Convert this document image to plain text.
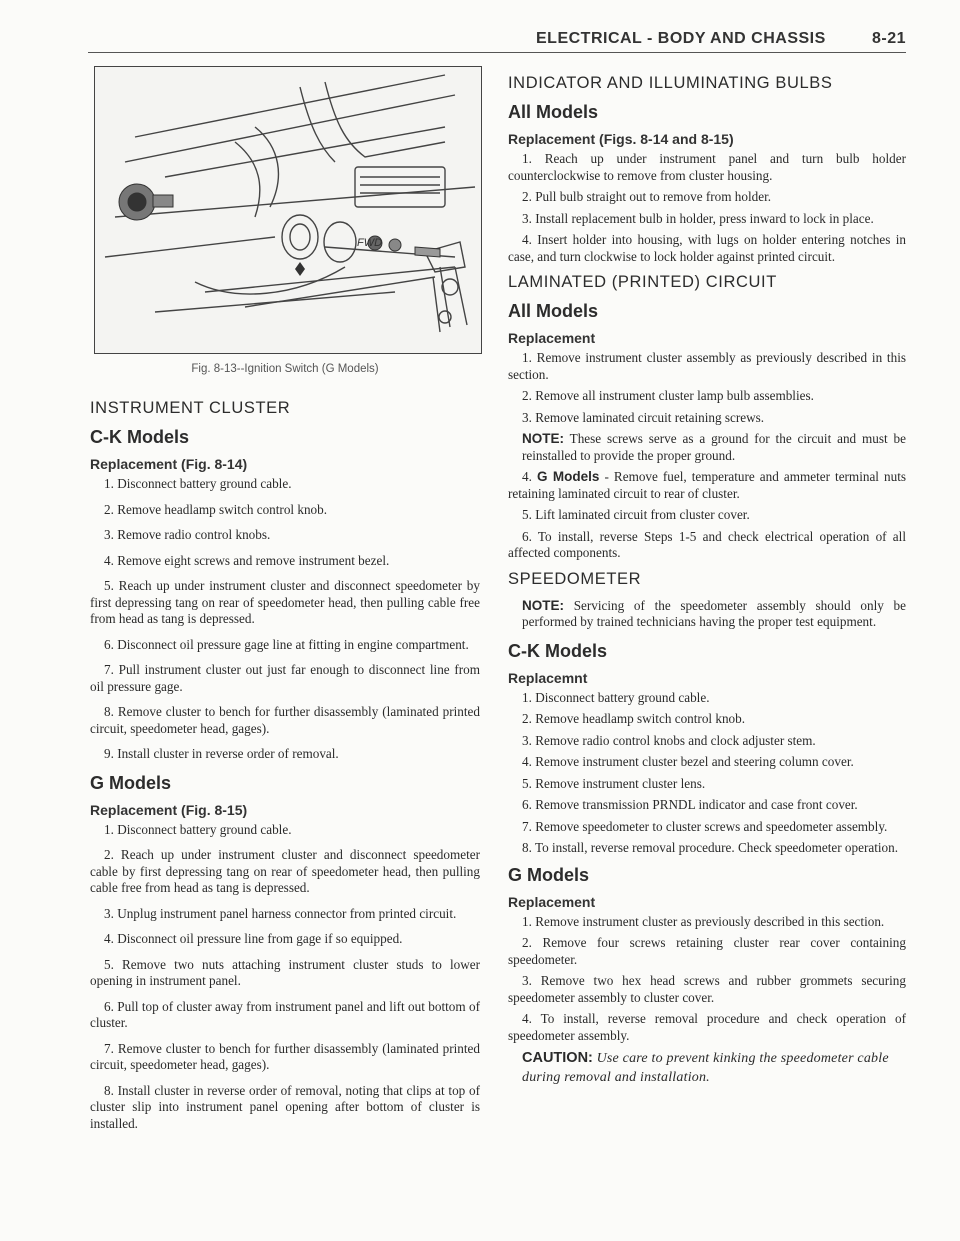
ELECTRICAL - BODY AND CHASSIS	8-21
FWD
Fig. 8-13--Ignition Switch (G Models)
INSTRUMENT CLUSTER
C-K Models
Replacement (Fig. 8-14)

1. Disconnect battery ground cable.

2. Remove headlamp switch control knob.

3. Remove radio control knobs.

4. Remove eight screws and remove instrument bezel.

5. Reach up under instrument cluster and disconnect speedometer by first depressing tang on rear of speedometer head, then pulling cable free from head as tang is depressed.

6. Disconnect oil pressure gage line at fitting in engine compartment.

7. Pull instrument cluster out just far enough to disconnect line from oil pressure gage.

8. Remove cluster to bench for further disassembly (laminated printed circuit, speedometer head, gages).

9. Install cluster in reverse order of removal.

G Models
Replacement (Fig. 8-15)

1. Disconnect battery ground cable.

2. Reach up under instrument cluster and disconnect speedometer cable by first depressing tang on rear of speedometer head, then pulling cable free from head as tang is depressed.

3. Unplug instrument panel harness connector from printed circuit.

4. Disconnect oil pressure line from gage if so equipped.

5. Remove two nuts attaching instrument cluster studs to lower opening in instrument panel.

6. Pull top of cluster away from instrument panel and lift out bottom of cluster.

7. Remove cluster to bench for further disassembly (laminated printed circuit, speedometer head, gages).

8. Install cluster in reverse order of removal, noting that clips at top of cluster slip into instrument panel opening after bottom of cluster is installed.

INDICATOR AND ILLUMINATING BULBS
All Models
Replacement (Figs. 8-14 and 8-15)

1. Reach up under instrument panel and turn bulb holder counterclockwise to remove from cluster housing.

2. Pull bulb straight out to remove from holder.

3. Install replacement bulb in holder, press inward to lock in place.

4. Insert holder into housing, with lugs on holder entering notches in case, and turn clockwise to lock holder against printed circuit.

LAMINATED (PRINTED) CIRCUIT
All Models
Replacement

1. Remove instrument cluster assembly as previously described in this section.

2. Remove all instrument cluster lamp bulb assemblies.

3. Remove laminated circuit retaining screws.

NOTE: These screws serve as a ground for the circuit and must be reinstalled to provide the proper ground.

4. G Models - Remove fuel, temperature and ammeter terminal nuts retaining laminated circuit to rear of cluster.

5. Lift laminated circuit from cluster cover.

6. To install, reverse Steps 1-5 and check electrical operation of all affected components.

SPEEDOMETER
NOTE: Servicing of the speedometer assembly should only be performed by trained technicians having the proper test equipment.
C-K Models
Replacemnt

1. Disconnect battery ground cable.

2. Remove headlamp switch control knob.

3. Remove radio control knobs and clock adjuster stem.

4. Remove instrument cluster bezel and steering column cover.

5. Remove instrument cluster lens.

6. Remove transmission PRNDL indicator and case front cover.

7. Remove speedometer to cluster screws and speedometer assembly.

8. To install, reverse removal procedure. Check speedometer operation.

G Models
Replacement

1. Remove instrument cluster as previously described in this section.

2. Remove four screws retaining cluster rear cover containing speedometer.

3. Remove two hex head screws and rubber grommets securing speedometer assembly to cluster cover.

4. To install, reverse removal procedure and check operation of speedometer assembly.

CAUTION: Use care to prevent kinking the speedometer cable during removal and installation.
